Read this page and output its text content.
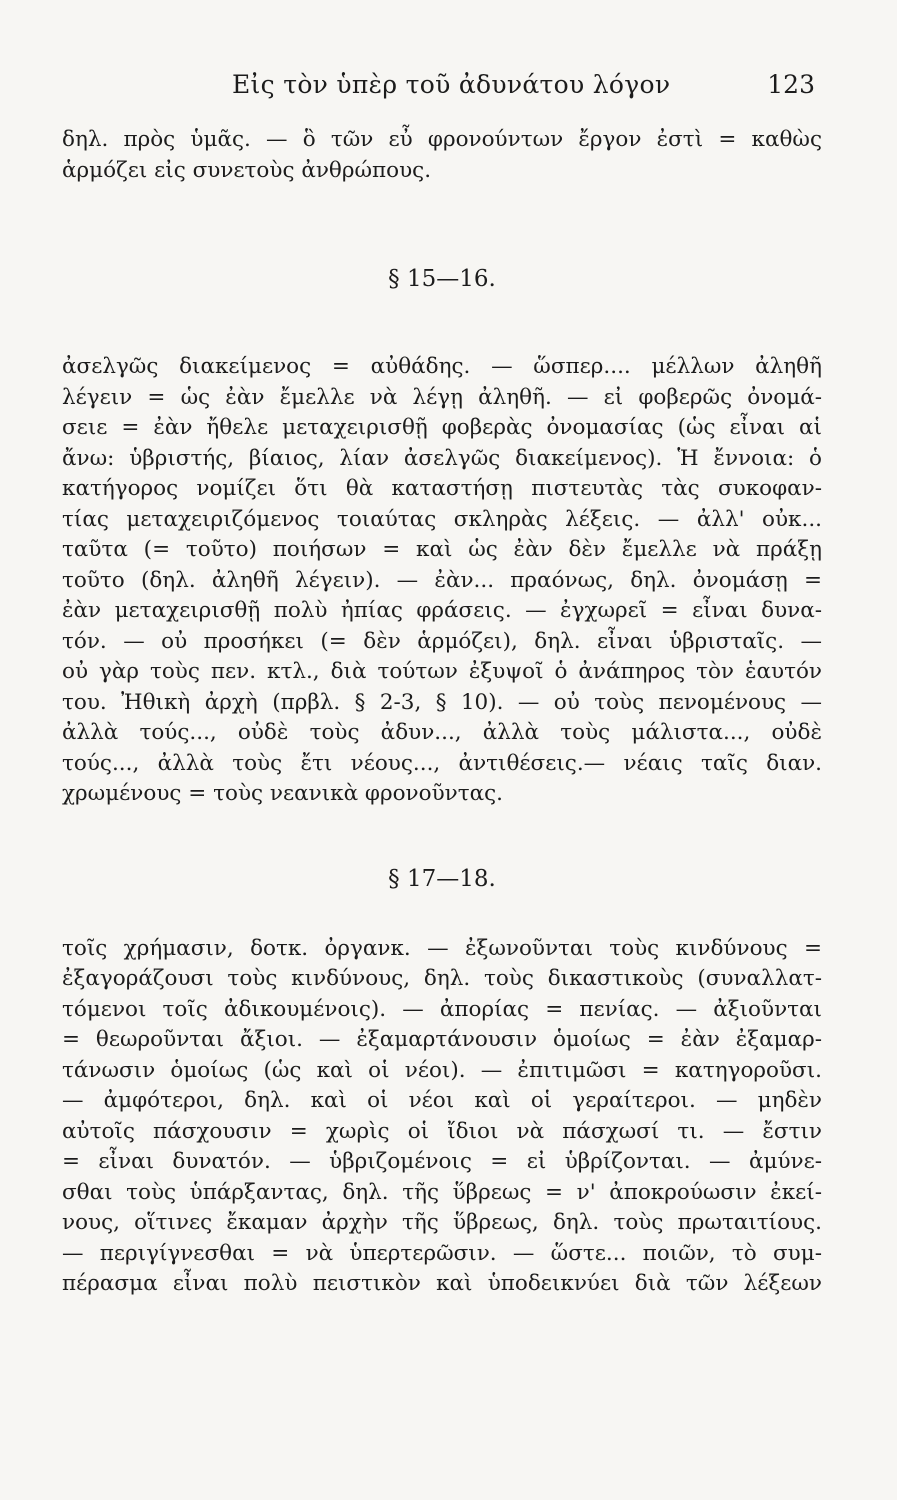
Εἰς τὸν ὑπὲρ τοῦ ἀδυνάτου λόγον	123

δηλ. πρὸς ὑμᾶς. — ὃ τῶν εὖ φρονούντων ἔργον ἐστὶ = καθὼς

ἁρμόζει εἰς συνετοὺς ἀνθρώπους.

§ 15—16.

ἀσελγῶς διακείμενος = αὐθάδης. — ὥσπερ.... μέλλων ἀληθῆ

λέγειν = ὡς ἐὰν ἔμελλε νὰ λέγῃ ἀληθῆ. — εἰ φοβερῶς ὀνομά-

σειε = ἐὰν ἤθελε μεταχειρισθῇ φοβερὰς ὀνομασίας (ὡς εἶναι αἱ

ἄνω: ὑβριστής, βίαιος, λίαν ἀσελγῶς διακείμενος). Ἡ ἔννοια: ὁ

κατήγορος νομίζει ὅτι θὰ καταστήσῃ πιστευτὰς τὰς συκοφαν-

τίας μεταχειριζόμενος τοιαύτας σκληρὰς λέξεις. — ἀλλ' οὐκ...

ταῦτα (= τοῦτο) ποιήσων = καὶ ὡς ἐὰν δὲν ἔμελλε νὰ πράξῃ

τοῦτο (δηλ. ἀληθῆ λέγειν). — ἐὰν... πραόνως, δηλ. ὀνομάσῃ =

ἐὰν μεταχειρισθῇ πολὺ ἠπίας φράσεις. — ἐγχωρεῖ = εἶναι δυνα-

τόν. — οὐ προσήκει (= δὲν ἁρμόζει), δηλ. εἶναι ὑβρισταῖς. —

οὐ γὰρ τοὺς πεν. κτλ., διὰ τούτων ἐξυψοῖ ὁ ἀνάπηρος τὸν ἑαυτόν

του. Ἠθικὴ ἀρχὴ (πρβλ. § 2-3, § 10). — οὐ τοὺς πενομένους —

ἀλλὰ τούς..., οὐδὲ τοὺς ἀδυν..., ἀλλὰ τοὺς μάλιστα..., οὐδὲ

τούς..., ἀλλὰ τοὺς ἔτι νέους..., ἀντιθέσεις.— νέαις ταῖς διαν.

χρωμένους = τοὺς νεανικὰ φρονοῦντας.

§ 17—18.

τοῖς χρήμασιν, δοτκ. ὀργανκ. — ἐξωνοῦνται τοὺς κινδύνους =

ἐξαγοράζουσι τοὺς κινδύνους, δηλ. τοὺς δικαστικοὺς (συναλλατ-

τόμενοι τοῖς ἀδικουμένοις). — ἀπορίας = πενίας. — ἀξιοῦνται

= θεωροῦνται ἄξιοι. — ἐξαμαρτάνουσιν ὁμοίως = ἐὰν ἐξαμαρ-

τάνωσιν ὁμοίως (ὡς καὶ οἱ νέοι). — ἐπιτιμῶσι = κατηγοροῦσι.

— ἀμφότεροι, δηλ. καὶ οἱ νέοι καὶ οἱ γεραίτεροι. — μηδὲν

αὐτοῖς πάσχουσιν = χωρὶς οἱ ἴδιοι νὰ πάσχωσί τι. — ἔστιν

= εἶναι δυνατόν. — ὑβριζομένοις = εἰ ὑβρίζονται. — ἀμύνε-

σθαι τοὺς ὑπάρξαντας, δηλ. τῆς ὕβρεως = ν' ἀποκρούωσιν ἐκεί-

νους, οἵτινες ἔκαμαν ἀρχὴν τῆς ὕβρεως, δηλ. τοὺς πρωταιτίους.

— περιγίγνεσθαι = νὰ ὑπερτερῶσιν. — ὥστε... ποιῶν, τὸ συμ-

πέρασμα εἶναι πολὺ πειστικὸν καὶ ὑποδεικνύει διὰ τῶν λέξεων
